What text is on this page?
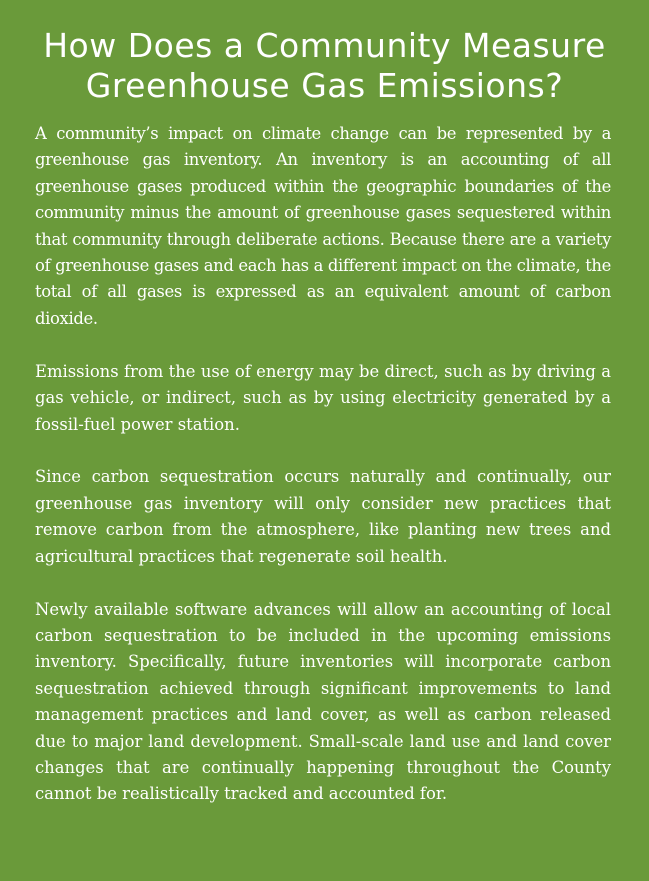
How Does a Community Measure
Greenhouse Gas Emissions?

A community’s impact on climate change can be represented by a greenhouse gas inventory. An inventory is an accounting of all greenhouse gases produced within the geographic boundaries of the community minus the amount of greenhouse gases sequestered within that community through deliberate actions. Because there are a variety of greenhouse gases and each has a different impact on the climate, the total of all gases is expressed as an equivalent amount of carbon dioxide.

Emissions from the use of energy may be direct, such as by driving a gas vehicle, or indirect, such as by using electricity generated by a fossil-fuel power station.

Since carbon sequestration occurs naturally and continually, our greenhouse gas inventory will only consider new practices that remove carbon from the atmosphere, like planting new trees and agricultural practices that regenerate soil health.

Newly available software advances will allow an accounting of local carbon sequestration to be included in the upcoming emissions inventory. Specifically, future inventories will incorporate carbon sequestration achieved through significant improvements to land management practices and land cover, as well as carbon released due to major land development. Small-scale land use and land cover changes that are continually happening throughout the County cannot be realistically tracked and accounted for.
